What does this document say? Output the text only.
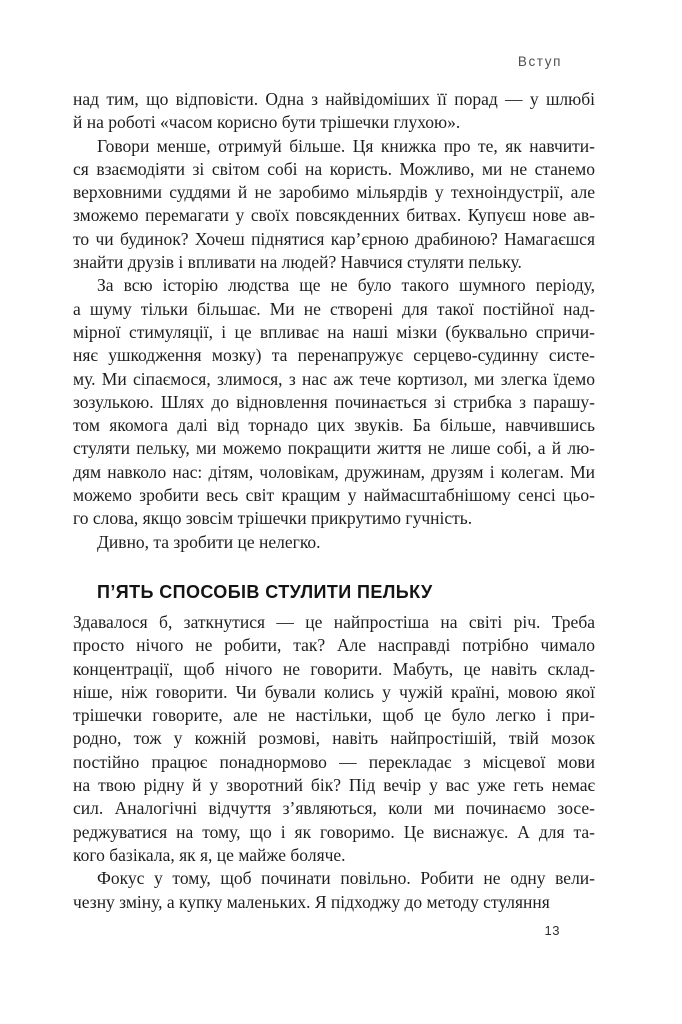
Вступ

над тим, що відповісти. Одна з найвідоміших її порад — у шлюбі
й на роботі «часом корисно бути трішечки глухою».

Говори менше, отримуй більше. Ця книжка про те, як навчити-
ся взаємодіяти зі світом собі на користь. Можливо, ми не станемо
верховними суддями й не заробимо мільярдів у техноіндустрії, але
зможемо перемагати у своїх повсякденних битвах. Купуєш нове ав-
то чи будинок? Хочеш піднятися кар’єрною драбиною? Намагаєшся
знайти друзів і впливати на людей? Навчися стуляти пельку.

За всю історію людства ще не було такого шумного періоду,
а шуму тільки більшає. Ми не створені для такої постійної над-
мірної стимуляції, і це впливає на наші мізки (буквально спричи-
няє ушкодження мозку) та перенапружує серцево-судинну систе-
му. Ми сіпаємося, злимося, з нас аж тече кортизол, ми злегка їдемо
зозулькою. Шлях до відновлення починається зі стрибка з парашу-
том якомога далі від торнадо цих звуків. Ба більше, навчившись
стуляти пельку, ми можемо покращити життя не лише собі, а й лю-
дям навколо нас: дітям, чоловікам, дружинам, друзям і колегам. Ми
можемо зробити весь світ кращим у наймасштабнішому сенсі цьо-
го слова, якщо зовсім трішечки прикрутимо гучність.

Дивно, та зробити це нелегко.

П’ЯТЬ СПОСОБІВ СТУЛИТИ ПЕЛЬКУ

Здавалося б, заткнутися — це найпростіша на світі річ. Треба
просто нічого не робити, так? Але насправді потрібно чимало
концентрації, щоб нічого не говорити. Мабуть, це навіть склад-
ніше, ніж говорити. Чи бували колись у чужій країні, мовою якої
трішечки говорите, але не настільки, щоб це було легко і при-
родно, тож у кожній розмові, навіть найпростішій, твій мозок
постійно працює понаднормово — перекладає з місцевої мови
на твою рідну й у зворотний бік? Під вечір у вас уже геть немає
сил. Аналогічні відчуття з’являються, коли ми починаємо зосе-
реджуватися на тому, що і як говоримо. Це виснажує. А для та-
кого базікала, як я, це майже боляче.

Фокус у тому, щоб починати повільно. Робити не одну вели-
чезну зміну, а купку маленьких. Я підходжу до методу стуляння

13
